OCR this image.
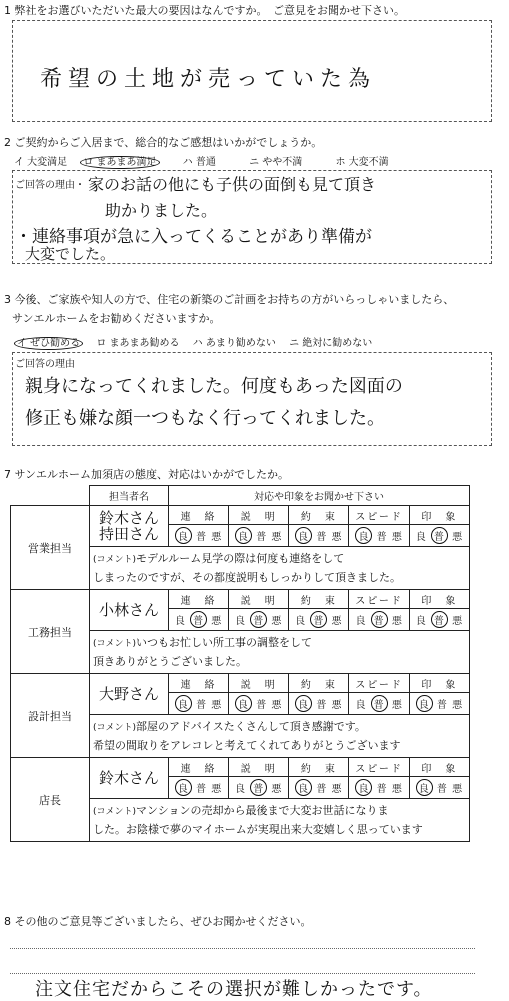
1 弊社をお選びいただいた最大の要因はなんですか。　ご意見をお聞かせ下さい。
希望の土地が売っていた為
2 ご契約からご入居まで、総合的なご感想はいかがでしょうか。
イ 大変満足　 ロ まあまあ満足　　	ハ 普通　　　	ニ やや不満　　　	ホ 大変不満
ご回答の理由・ 家のお話の他にも子供の面倒も見て頂き
助かりました。
・連絡事項が急に入ってくることがあり準備が
大変でした。
3 今後、ご家族や知人の方で、住宅の新築のご計画をお持ちの方がいらっしゃいましたら、
サンエルホームをお勧めくださいますか。
イ ぜひ勧める　 ロ まあまあ勧める　 ハ あまり勧めない　 ニ 絶対に勧めない
ご回答の理由
親身になってくれました。何度もあった図面の
修正も嫌な顔一つもなく行ってくれました。
7 サンエルホーム加須店の態度、対応はいかがでしたか。
	担当者名	対応や印象をお聞かせ下さい				
営業担当	鈴木さん 持田さん	連　絡	説　明	約　束	スピード	印　象
		良 普 悪	良 普 悪	良 普 悪	良 普 悪	良 普 悪
	(コメント)モデルルーム見学の際は何度も連絡をして
しまったのですが、その都度説明もしっかりして頂きました。					
工務担当	小林さん	連　絡	説　明	約　束	スピード	印　象
		良 普 悪	良 普 悪	良 普 悪	良 普 悪	良 普 悪
	(コメント)いつもお忙しい所工事の調整をして
頂きありがとうございました。					
設計担当	大野さん	連　絡	説　明	約　束	スピード	印　象
		良 普 悪	良 普 悪	良 普 悪	良 普 悪	良 普 悪
	(コメント)部屋のアドバイスたくさんして頂き感謝です。
希望の間取りをアレコレと考えてくれてありがとうございます					
店長	鈴木さん	連　絡	説　明	約　束	スピード	印　象
		良 普 悪	良 普 悪	良 普 悪	良 普 悪	良 普 悪
	(コメント)マンションの売却から最後まで大変お世話になりま
した。お陰様で夢のマイホームが実現出来大変嬉しく思っています					
8 その他のご意見等ございましたら、ぜひお聞かせください。
注文住宅だからこその選択が難しかったです。
